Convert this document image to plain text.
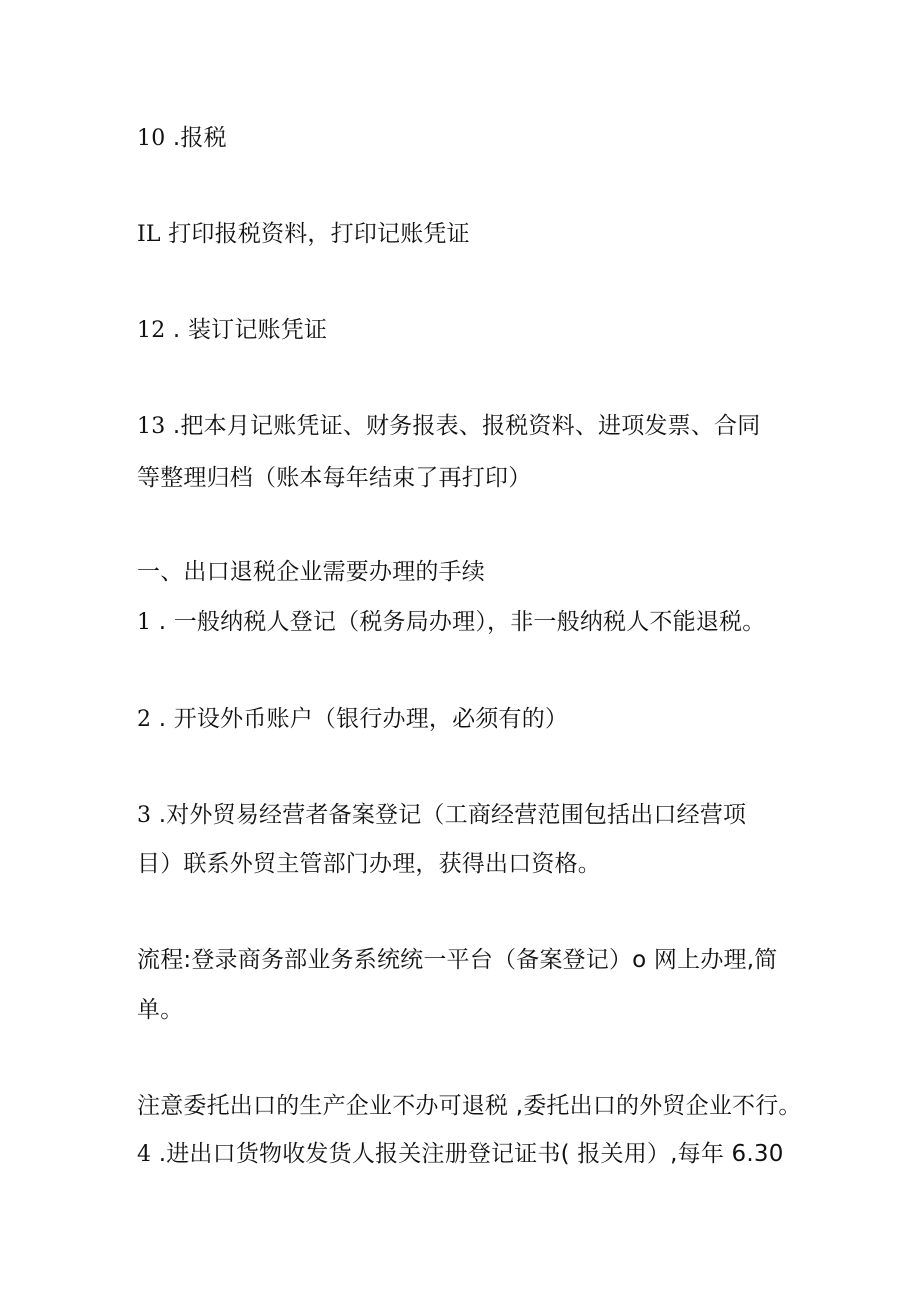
10 .报税
IL 打印报税资料，打印记账凭证
12 . 装订记账凭证
13 .把本月记账凭证、财务报表、报税资料、进项发票、合同
等整理归档（账本每年结束了再打印）
一、出口退税企业需要办理的手续
1 . 一般纳税人登记（税务局办理），非一般纳税人不能退税。
2 . 开设外币账户（银行办理，必须有的）
3 .对外贸易经营者备案登记（工商经营范围包括出口经营项
目）联系外贸主管部门办理，获得出口资格。
流程:登录商务部业务系统统一平台（备案登记）o 网上办理,简
单。
注意委托出口的生产企业不办可退税 ,委托出口的外贸企业不行。
4 .进出口货物收发货人报关注册登记证书( 报关用）,每年 6.30
